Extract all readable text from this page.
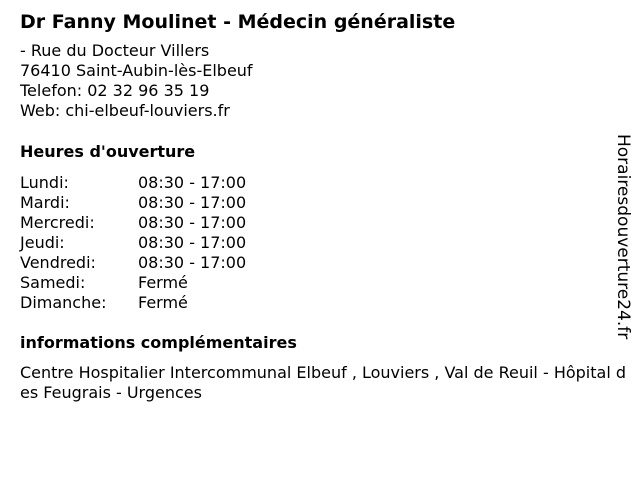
Dr Fanny Moulinet - Médecin généraliste
- Rue du Docteur Villers
76410 Saint-Aubin-lès-Elbeuf
Telefon: 02 32 96 35 19
Web: chi-elbeuf-louviers.fr
Heures d'ouverture
Lundi:	08:30 - 17:00
Mardi:	08:30 - 17:00
Mercredi:	08:30 - 17:00
Jeudi:	08:30 - 17:00
Vendredi:	08:30 - 17:00
Samedi:	Fermé
Dimanche:	Fermé
informations complémentaires
Centre Hospitalier Intercommunal Elbeuf , Louviers , Val de Reuil - Hôpital des Feugrais - Urgences
Horairesdouverture24.fr
